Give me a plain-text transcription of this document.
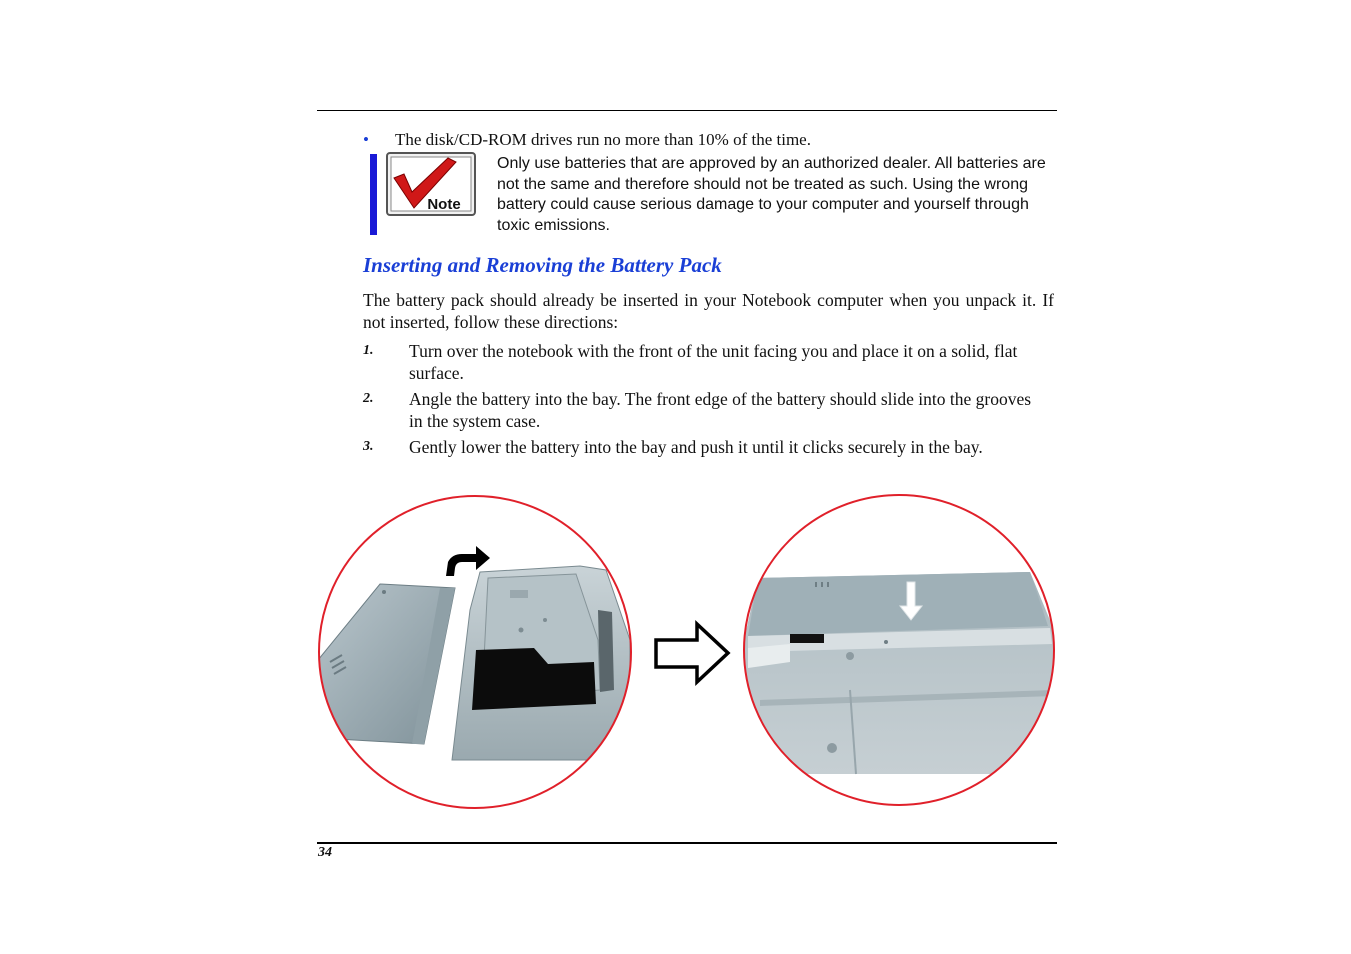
• The disk/CD-ROM drives run no more than 10% of the time.
Note
Only use batteries that are approved by an authorized dealer. All batteries are not the same and therefore should not be treated as such. Using the wrong battery could cause serious damage to your computer and yourself through toxic emissions.
Inserting and Removing the Battery Pack
The battery pack should already be inserted in your Notebook computer when you unpack it. If not inserted, follow these directions:
1. Turn over the notebook with the front of the unit facing you and place it on a solid, flat surface.
2. Angle the battery into the bay. The front edge of the battery should slide into the grooves in the system case.
3. Gently lower the battery into the bay and push it until it clicks securely in the bay.
34
